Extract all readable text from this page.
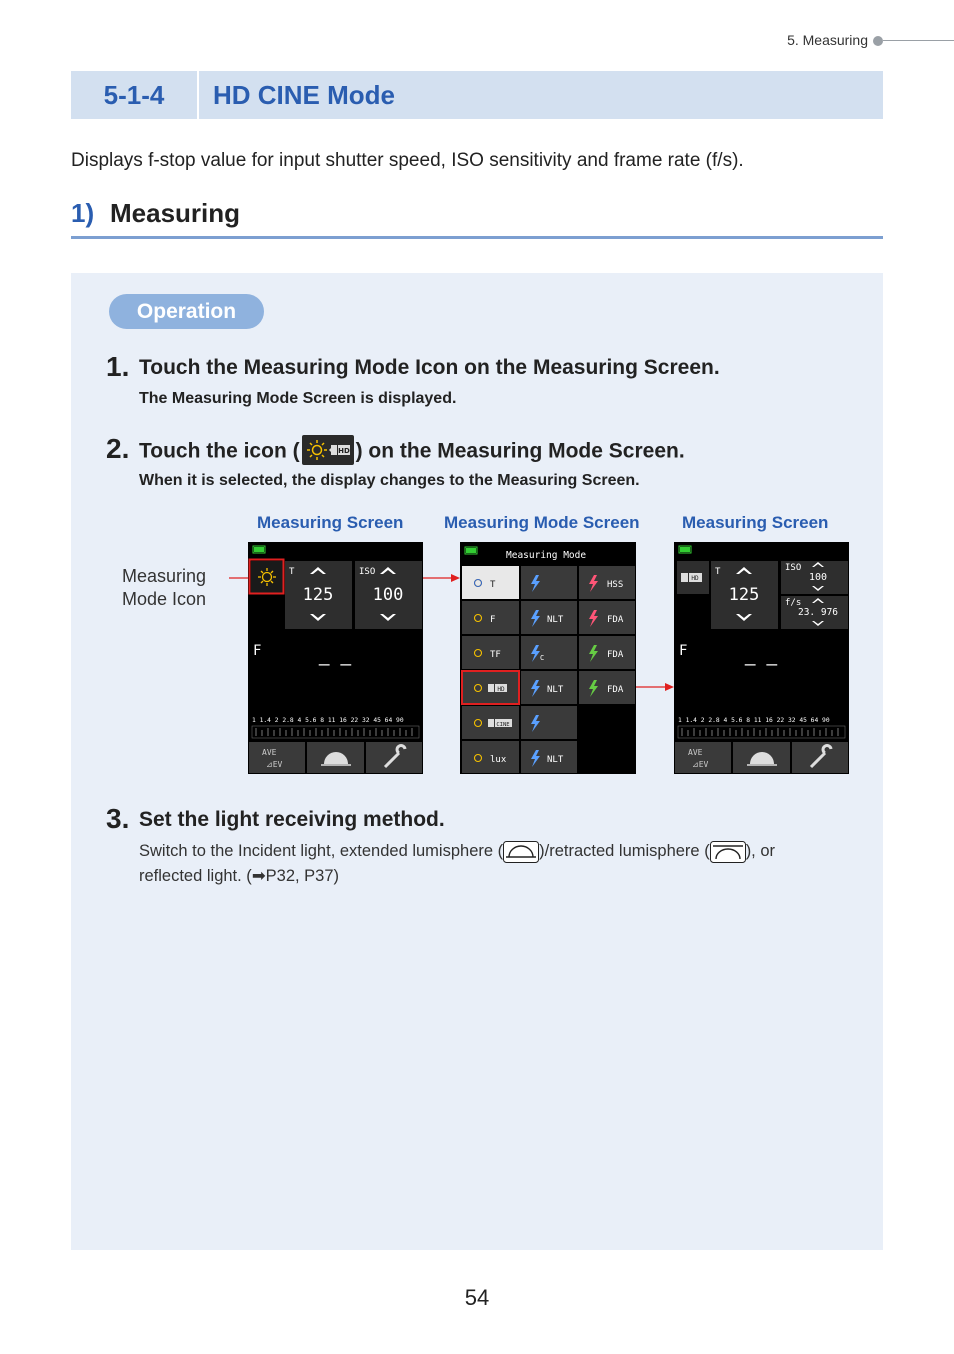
5. Measuring
5-1-4	HD CINE Mode
Displays f-stop value for input shutter speed, ISO sensitivity and frame rate (f/s).
1) Measuring
Operation
1. Touch the Measuring Mode Icon on the Measuring Screen.
The Measuring Mode Screen is displayed.
2. Touch the icon (	HD ) on the Measuring Mode Screen.
When it is selected, the display changes to the Measuring Screen.
Measuring Screen Measuring Mode Screen Measuring Screen
Measuring
Mode Icon
T	ISO
125 100
F
– –
1 1.4 2 2.8 4 5.6 8 11 16 22 32 45 64 90
AVE
⊿EV
Measuring Mode
T	HSS
F	NLT	FDA
TF	C	FDA
HD	NLT	FDA
CINE
lux	NLT
HD
T
125
ISO
100
f/s
23. 976
F
– –
1 1.4 2 2.8 4 5.6 8 11 16 22 32 45 64 90
AVE
⊿EV
3. Set the light receiving method.
Switch to the Incident light, extended lumisphere ( )/retracted lumisphere ( ), or
reflected light. (➡P32, P37)
54
